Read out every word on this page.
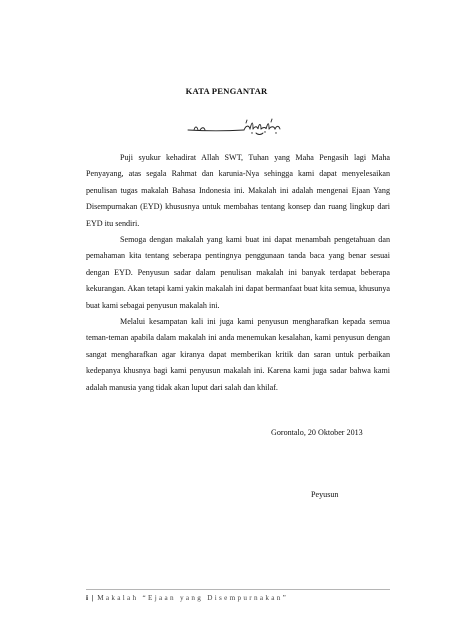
KATA PENGANTAR

Puji syukur kehadirat Allah SWT, Tuhan yang Maha Pengasih lagi Maha Penyayang, atas segala Rahmat dan karunia-Nya sehingga kami dapat menyelesaikan penulisan tugas makalah Bahasa Indonesia ini. Makalah ini adalah mengenai Ejaan Yang Disempurnakan (EYD) khususnya untuk membahas tentang konsep dan ruang lingkup dari EYD itu sendiri.

Semoga dengan makalah yang kami buat ini dapat menambah pengetahuan dan pemahaman kita tentang seberapa pentingnya penggunaan tanda baca yang benar sesuai dengan EYD. Penyusun sadar dalam penulisan makalah ini banyak terdapat beberapa kekurangan. Akan tetapi kami yakin makalah ini dapat bermanfaat buat kita semua, khusunya buat kami sebagai penyusun makalah ini.

Melalui kesampatan kali ini juga kami penyusun mengharafkan kepada semua teman-teman apabila dalam makalah ini anda menemukan kesalahan, kami penyusun dengan sangat mengharafkan agar kiranya dapat memberikan kritik dan saran untuk perbaikan kedepanya khusnya bagi kami penyusun makalah ini. Karena kami juga sadar bahwa kami adalah manusia yang tidak akan luput dari salah dan khilaf.

Gorontalo, 20 Oktober 2013
Peyusun
i | Makalah “Ejaan yang Disempurnakan”
